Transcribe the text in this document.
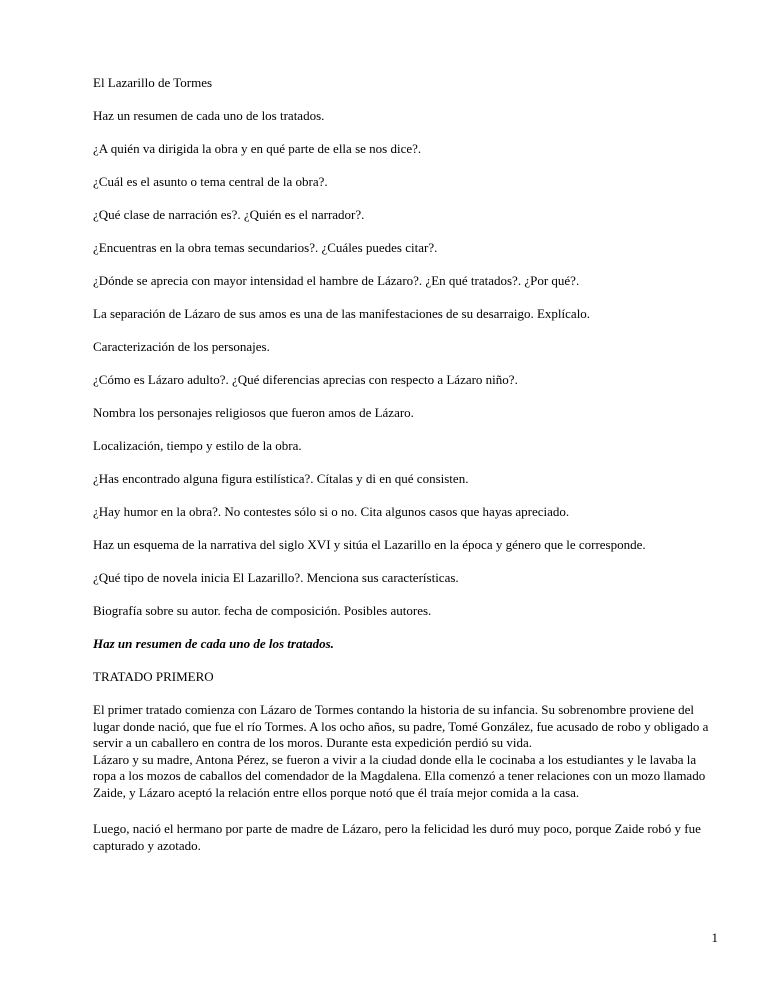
El Lazarillo de Tormes

Haz un resumen de cada uno de los tratados.

¿A quién va dirigida la obra y en qué parte de ella se nos dice?.

¿Cuál es el asunto o tema central de la obra?.

¿Qué clase de narración es?. ¿Quién es el narrador?.

¿Encuentras en la obra temas secundarios?. ¿Cuáles puedes citar?.

¿Dónde se aprecia con mayor intensidad el hambre de Lázaro?. ¿En qué tratados?. ¿Por qué?.

La separación de Lázaro de sus amos es una de las manifestaciones de su desarraigo. Explícalo.

Caracterización de los personajes.

¿Cómo es Lázaro adulto?. ¿Qué diferencias aprecias con respecto a Lázaro niño?.

Nombra los personajes religiosos que fueron amos de Lázaro.

Localización, tiempo y estilo de la obra.

¿Has encontrado alguna figura estilística?. Cítalas y di en qué consisten.

¿Hay humor en la obra?. No contestes sólo si o no. Cita algunos casos que hayas apreciado.

Haz un esquema de la narrativa del siglo XVI y sitúa el Lazarillo en la época y género que le corresponde.

¿Qué tipo de novela inicia El Lazarillo?. Menciona sus características.

Biografía sobre su autor. fecha de composición. Posibles autores.

Haz un resumen de cada uno de los tratados.

TRATADO PRIMERO

El primer tratado comienza con Lázaro de Tormes contando la historia de su infancia. Su sobrenombre proviene del lugar donde nació, que fue el río Tormes. A los ocho años, su padre, Tomé González, fue acusado de robo y obligado a servir a un caballero en contra de los moros. Durante esta expedición perdió su vida.

Lázaro y su madre, Antona Pérez, se fueron a vivir a la ciudad donde ella le cocinaba a los estudiantes y le lavaba la ropa a los mozos de caballos del comendador de la Magdalena. Ella comenzó a tener relaciones con un mozo llamado Zaide, y Lázaro aceptó la relación entre ellos porque notó que él traía mejor comida a la casa.

Luego, nació el hermano por parte de madre de Lázaro, pero la felicidad les duró muy poco, porque Zaide robó y fue capturado y azotado.

1
